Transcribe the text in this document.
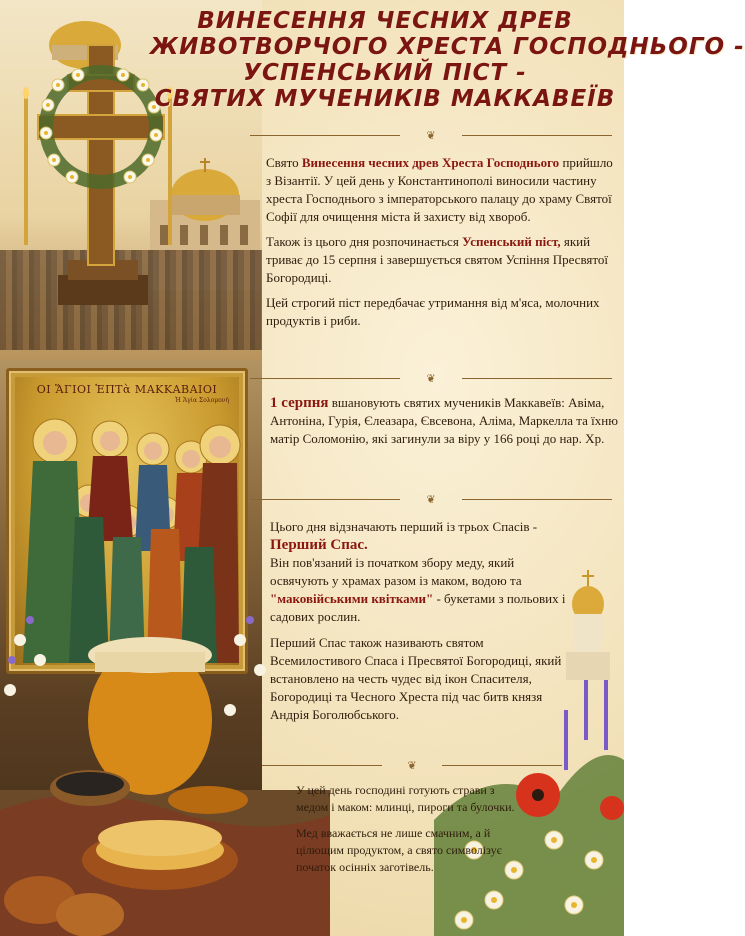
ΟΙ ἍΓΙΟΙ ἙΠΤὰ ΜΑΚΚΑΒΑΙΟΙ
Ἡ Ἁγία Σολομονή
ВИНЕСЕННЯ ЧЕСНИХ ДРЕВ
ЖИВОТВОРЧОГО ХРЕСТА ГОСПОДНЬОГО -
УСПЕНСЬКИЙ ПІСТ -
СВЯТИХ МУЧЕНИКІВ МАККАВЕЇВ
❦
❦
❦
❦

Свято Винесення чесних древ Хреста Господнього прийшло з Візантії. У цей день у Константинополі виносили частину хреста Господнього з імператорського палацу до храму Святої Софії для очищення міста й захисту від хвороб.

Також із цього дня розпочинається Успенський піст, який триває до 15 серпня і завершується святом Успіння Пресвятої Богородиці.

Цей строгий піст передбачає утримання від м'яса, молочних продуктів і риби.

1 серпня вшановують святих мучеників Маккавеїв: Авіма, Антоніна, Гурія, Єлеазара, Євсевона, Аліма, Маркелла та їхню матір Соломонію, які загинули за віру у 166 році до нар. Хр.

Цього дня відзначають перший із трьох Спасів -

Перший Спас.

Він пов'язаний із початком збору меду, який освячують у храмах разом із маком, водою та "маковійськими квітками" - букетами з польових і садових рослин.

Перший Спас також називають святом Всемилостивого Спаса і Пресвятої Богородиці, який встановлено на честь чудес від ікон Спасителя, Богородиці та Чесного Хреста під час битв князя Андрія Боголюбського.

У цей день господині готують страви з медом і маком: млинці, пироги та булочки.

Мед вважається не лише смачним, а й цілющим продуктом, а свято символізує початок осінніх заготівель.
